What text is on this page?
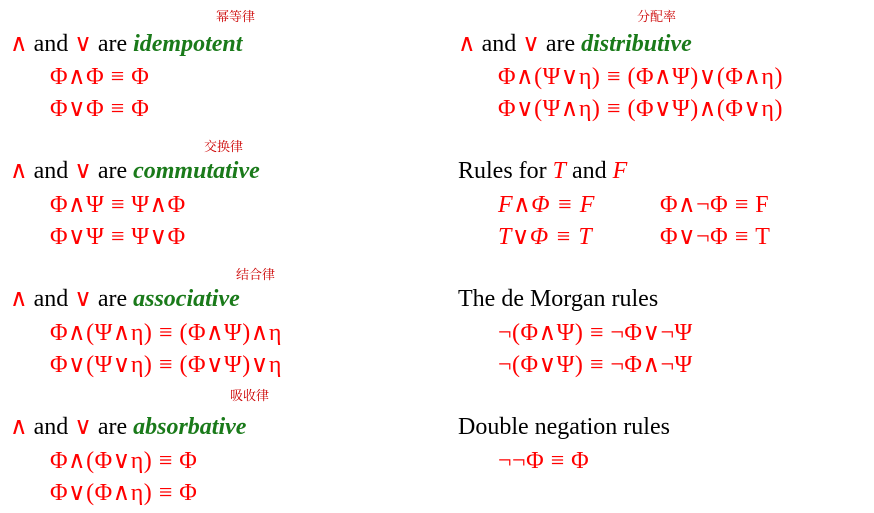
幂等律
∧ and ∨ are idempotent
Φ∧Φ ≡ Φ
Φ∨Φ ≡ Φ
交换律
∧ and ∨ are commutative
Φ∧Ψ ≡ Ψ∧Φ
Φ∨Ψ ≡ Ψ∨Φ
结合律
∧ and ∨ are associative
Φ∧(Ψ∧η) ≡ (Φ∧Ψ)∧η
Φ∨(Ψ∨η) ≡ (Φ∨Ψ)∨η
吸收律
∧ and ∨ are absorbative
Φ∧(Φ∨η) ≡ Φ
Φ∨(Φ∧η) ≡ Φ
分配率
∧ and ∨ are distributive
Φ∧(Ψ∨η) ≡ (Φ∧Ψ)∨(Φ∧η)
Φ∨(Ψ∧η) ≡ (Φ∨Ψ)∧(Φ∨η)
Rules for T and F
F∧Φ ≡ F	Φ∧¬Φ ≡ F
T∨Φ ≡ T	Φ∨¬Φ ≡ T
The de Morgan rules
¬(Φ∧Ψ) ≡ ¬Φ∨¬Ψ
¬(Φ∨Ψ) ≡ ¬Φ∧¬Ψ
Double negation rules
¬¬Φ ≡ Φ
